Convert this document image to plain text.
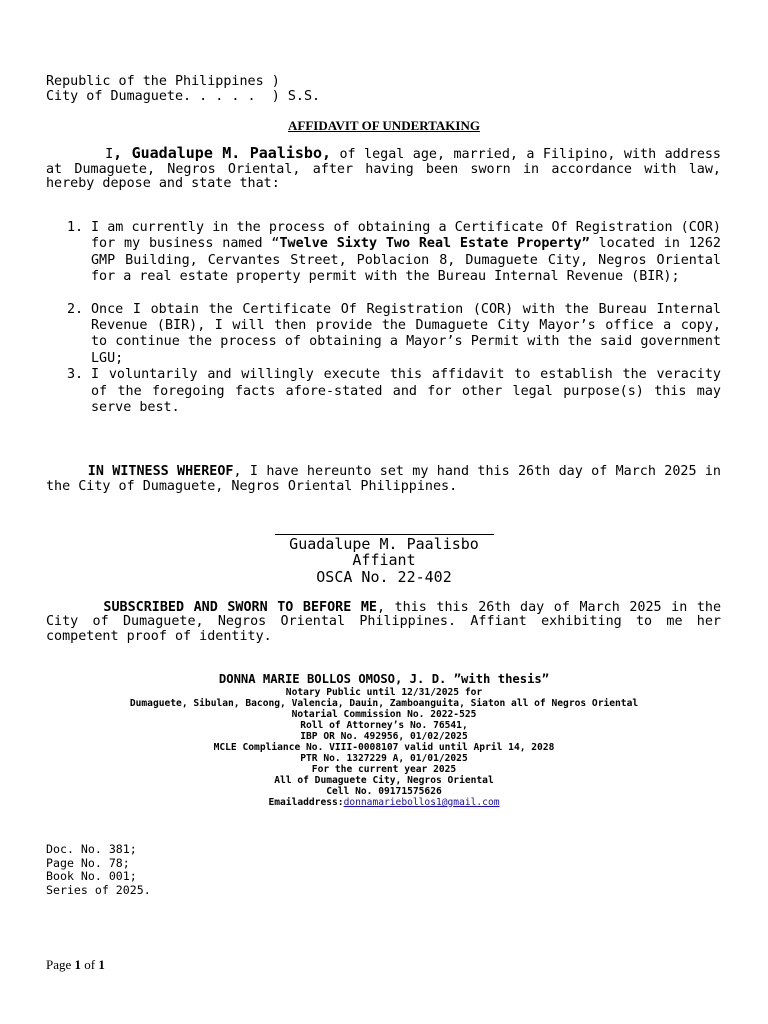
Republic of the Philippines )
City of Dumaguete. . . . .  ) S.S.
AFFIDAVIT OF UNDERTAKING
I, Guadalupe M. Paalisbo, of legal age, married, a Filipino, with address at Dumaguete, Negros Oriental, after having been sworn in accordance with law, hereby depose and state that:
1. I am currently in the process of obtaining a Certificate Of Registration (COR) for my business named “Twelve Sixty Two Real Estate Property” located in 1262 GMP Building, Cervantes Street, Poblacion 8, Dumaguete City, Negros Oriental for a real estate property permit with the Bureau Internal Revenue (BIR);
2. Once I obtain the Certificate Of Registration (COR) with the Bureau Internal Revenue (BIR), I will then provide the Dumaguete City Mayor’s office a copy, to continue the process of obtaining a Mayor’s Permit with the said government LGU;
3. I voluntarily and willingly execute this affidavit to establish the veracity of the foregoing facts afore-stated and for other legal purpose(s) this may serve best.
IN WITNESS WHEREOF, I have hereunto set my hand this 26th day of March 2025 in the City of Dumaguete, Negros Oriental Philippines.
Guadalupe M. Paalisbo
Affiant
OSCA No. 22-402
SUBSCRIBED AND SWORN TO BEFORE ME, this this 26th day of March 2025 in the City of Dumaguete, Negros Oriental Philippines. Affiant exhibiting to me her competent proof of identity.
DONNA MARIE BOLLOS OMOSO, J. D. ”with thesis”
Notary Public until 12/31/2025 for
Dumaguete, Sibulan, Bacong, Valencia, Dauin, Zamboanguita, Siaton all of Negros Oriental
Notarial Commission No. 2022-525
Roll of Attorney’s No. 76541,
IBP OR No. 492956, 01/02/2025
MCLE Compliance No. VIII-0008107 valid until April 14, 2028
PTR No. 1327229 A, 01/01/2025
For the current year 2025
All of Dumaguete City, Negros Oriental
Cell No. 09171575626
Emailaddress:donnamariebollos1@gmail.com
Doc. No. 381;
Page No. 78;
Book No. 001;
Series of 2025.
Page 1 of 1
